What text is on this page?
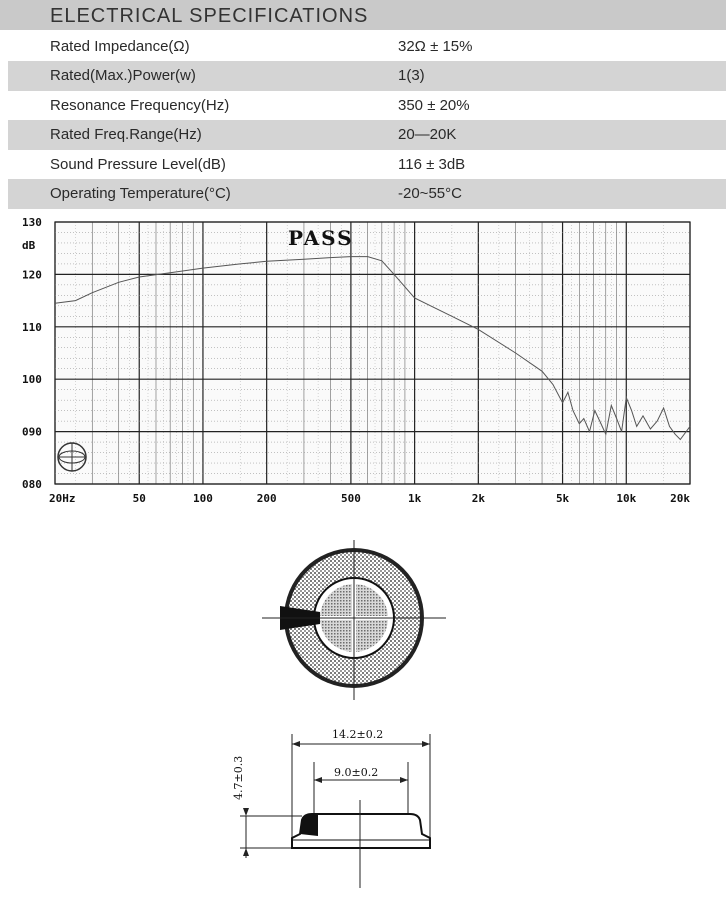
ELECTRICAL SPECIFICATIONS
Rated Impedance(Ω)	32Ω ± 15%
Rated(Max.)Power(w)	1(3)
Resonance Frequency(Hz)	350 ± 20%
Rated Freq.Range(Hz)	20—20K
Sound Pressure Level(dB)	116 ± 3dB
Operating Temperature(°C)	-20~55°C
130
120
110
100
090
080
20Hz	50	100	200	500	1k	2k	5k	10k	20k
dB	PASS
14.2±0.2
9.0±0.2
4.7±0.3
